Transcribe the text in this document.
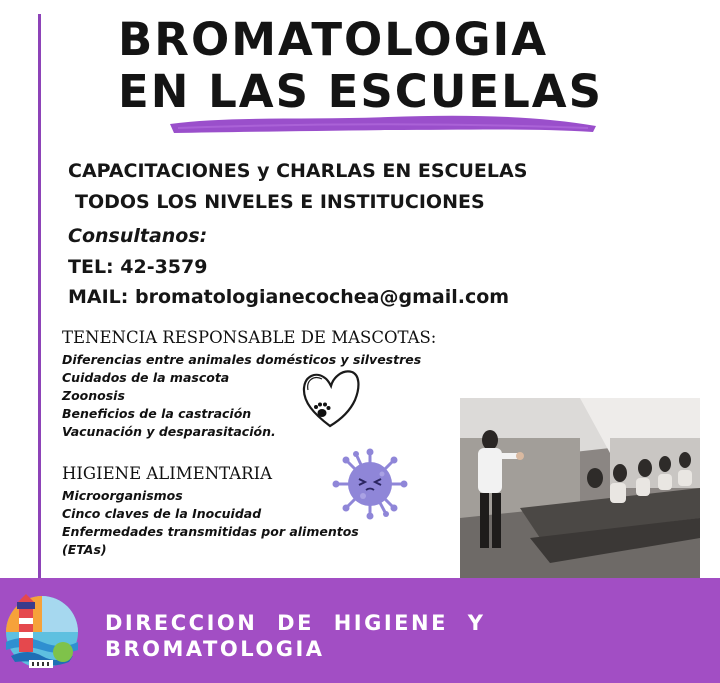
BROMATOLOGIA
EN LAS ESCUELAS
CAPACITACIONES y CHARLAS EN ESCUELAS
TODOS LOS NIVELES E INSTITUCIONES
Consultanos:
TEL: 42-3579
MAIL: bromatologianecochea@gmail.com
TENENCIA RESPONSABLE DE MASCOTAS:
Diferencias entre animales domésticos y silvestres
Cuidados de la mascota
Zoonosis
Beneficios de la castración
Vacunación y desparasitación.
HIGIENE ALIMENTARIA
Microorganismos
Cinco claves de la Inocuidad
Enfermedades transmitidas por alimentos (ETAs)
DIRECCION DE HIGIENE Y
BROMATOLOGIA
